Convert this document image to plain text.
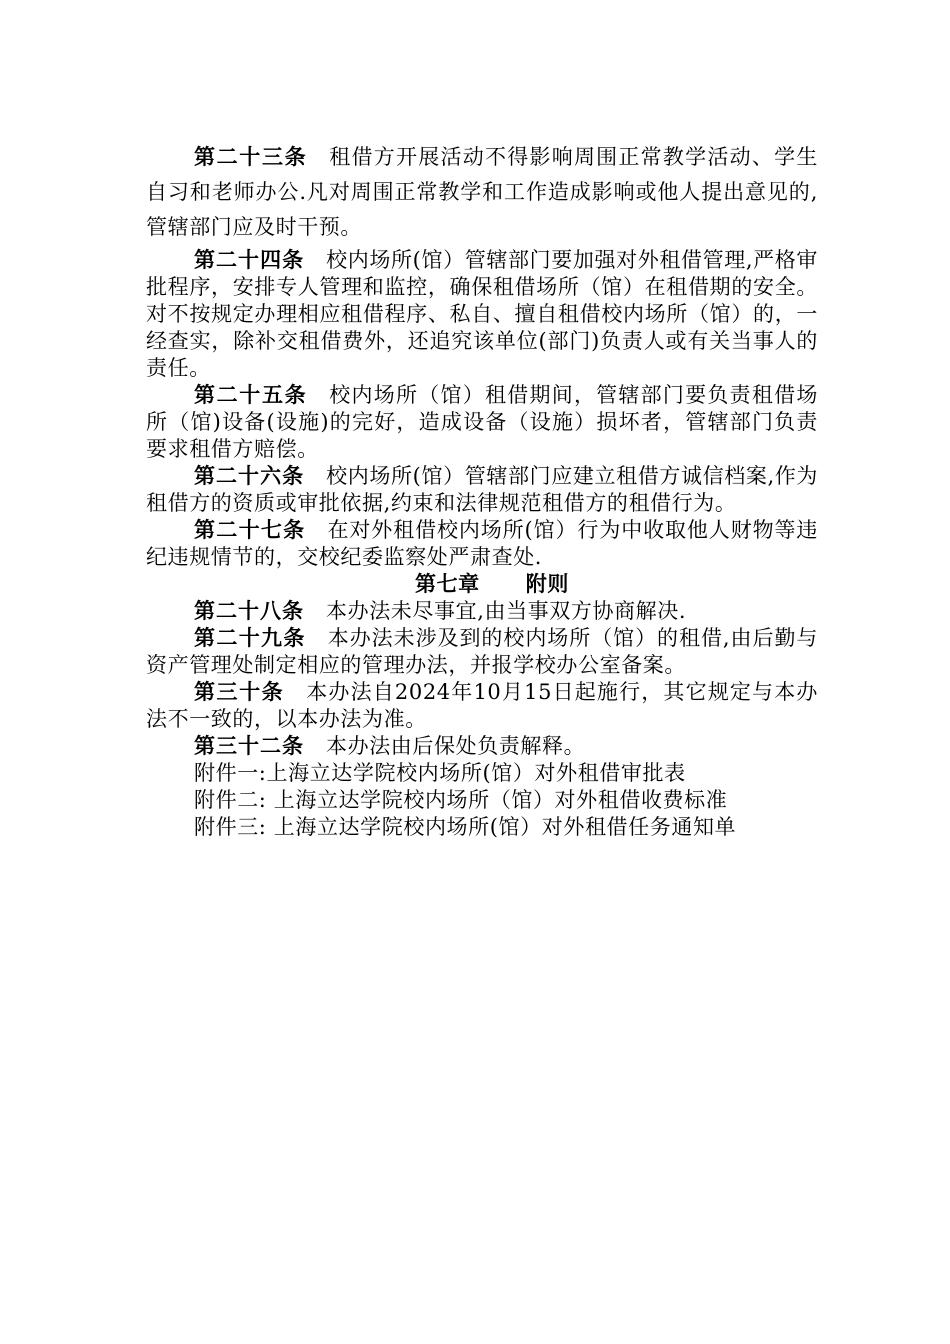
第二十三条 租借方开展活动不得影响周围正常教学活动、学生自习和老师办公.凡对周围正常教学和工作造成影响或他人提出意见的,管辖部门应及时干预。

第二十四条 校内场所(馆）管辖部门要加强对外租借管理,严格审批程序，安排专人管理和监控，确保租借场所（馆）在租借期的安全。对不按规定办理相应租借程序、私自、擅自租借校内场所（馆）的，一经查实，除补交租借费外，还追究该单位(部门)负责人或有关当事人的责任。

第二十五条 校内场所（馆）租借期间，管辖部门要负责租借场所（馆)设备(设施)的完好，造成设备（设施）损坏者，管辖部门负责要求租借方赔偿。

第二十六条 校内场所(馆）管辖部门应建立租借方诚信档案,作为租借方的资质或审批依据,约束和法律规范租借方的租借行为。

第二十七条 在对外租借校内场所(馆）行为中收取他人财物等违纪违规情节的，交校纪委监察处严肃查处.

第七章 附则

第二十八条 本办法未尽事宜,由当事双方协商解决.

第二十九条 本办法未涉及到的校内场所（馆）的租借,由后勤与资产管理处制定相应的管理办法，并报学校办公室备案。

第三十条 本办法自2024年10月15日起施行，其它规定与本办法不一致的，以本办法为准。

第三十二条 本办法由后保处负责解释。

附件一:上海立达学院校内场所(馆）对外租借审批表

附件二: 上海立达学院校内场所（馆）对外租借收费标准

附件三: 上海立达学院校内场所(馆）对外租借任务通知单
